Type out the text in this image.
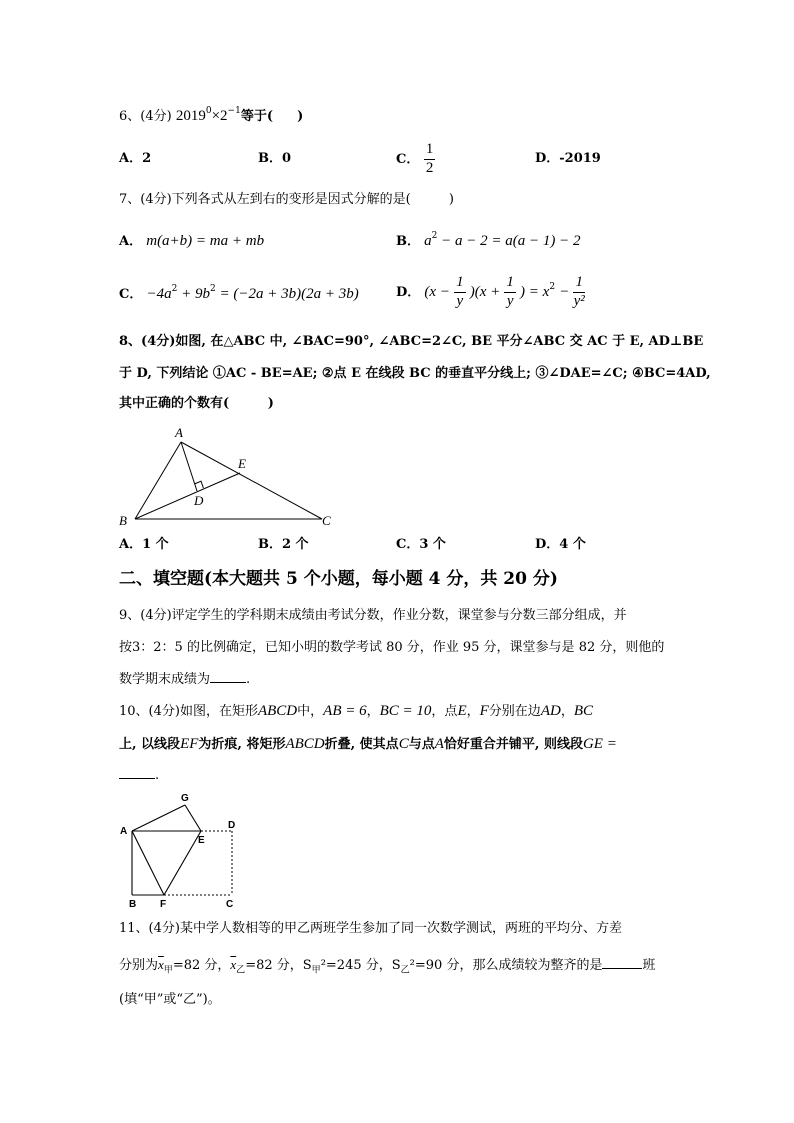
6、(4分) $2019^0\times 2^{-1}$等于( )
A．2	B．0	C． $\frac{1}{2}$	D．-2019
7、(4分)下列各式从左到右的变形是因式分解的是(	)
A． m(a+b) = ma + mb	B． $a^2 - a - 2 = a(a - 1) - 2$
C． $-4a^2 + 9b^2 = (-2a + 3b)(2a + 3b)$	D． $(x - \frac{1}{y} )(x + \frac{1}{y}$ ) = $x^2 - \frac{1}{\text{y²}}$
8、(4分)如图, 在△ABC 中, ∠BAC=90°, ∠ABC=2∠C, BE 平分∠ABC 交 AC 于 E, AD⊥BE
于 D, 下列结论 ①AC - BE=AE; ②点 E 在线段 BC 的垂直平分线上; ③∠DAE=∠C; ④BC=4AD,
其中正确的个数有(	)
A
B	C
D
E
A．1 个	B．2 个	C．3 个	D．4 个
二、填空题(本大题共 5 个小题，每小题 4 分，共 20 分)
9、(4分)评定学生的学科期末成绩由考试分数，作业分数，课堂参与分数三部分组成，并
按3：2：5 的比例确定，已知小明的数学考试 80 分，作业 95 分，课堂参与是 82 分，则他的
数学期末成绩为	.
10、(4分)如图，在矩形ABCD中，AB = 6，BC = 10，点E，F分别在边AD，BC
上, 以线段EF为折痕, 将矩形ABCD折叠, 使其点C与点A恰好重合并铺平, 则线段GE =
.
A
B	C
D
E
F
G
11、(4分)某中学人数相等的甲乙两班学生参加了同一次数学测试，两班的平均分、方差
分别为$\overline{x}_甲=82$ 分，$\overline{x}_乙=82$ 分，$S_甲^2=245$ 分，$S_乙^2=90$ 分，那么成绩较为整齐的是	班
(填“甲”或“乙”)。
